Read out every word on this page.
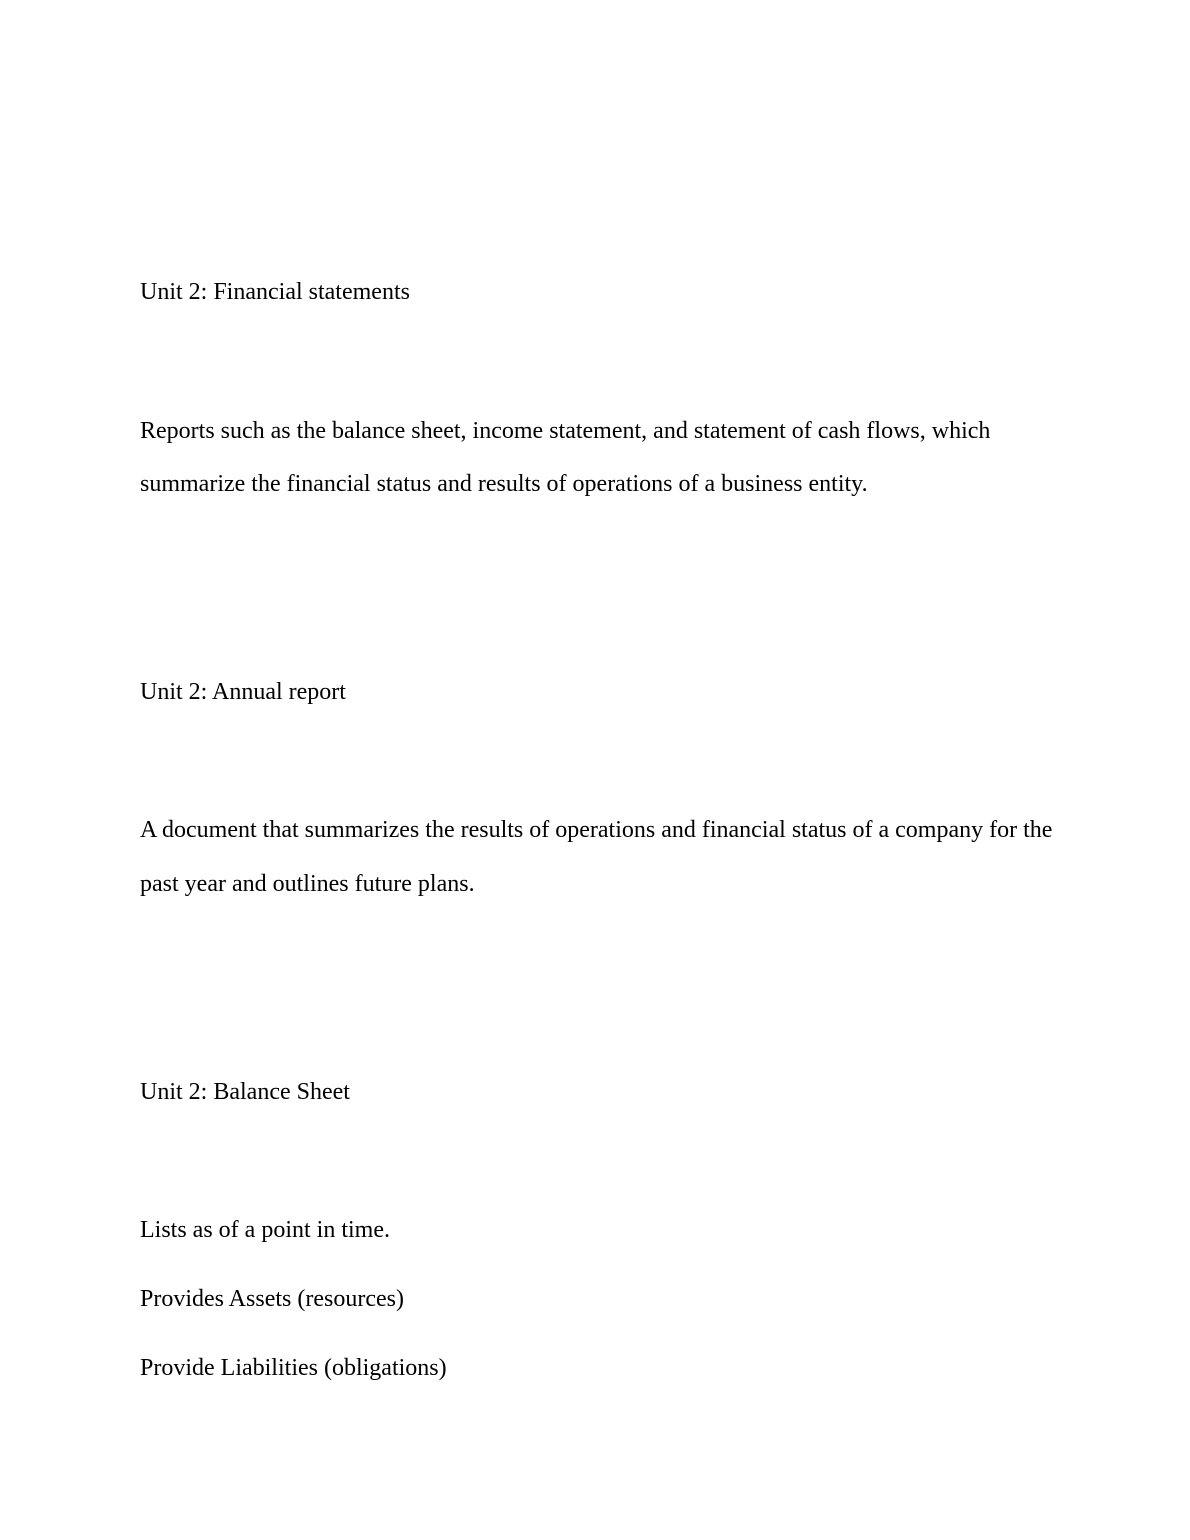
Unit 2: Financial statements

Reports such as the balance sheet, income statement, and statement of cash flows, which

summarize the financial status and results of operations of a business entity.

Unit 2: Annual report

A document that summarizes the results of operations and financial status of a company for the

past year and outlines future plans.

Unit 2: Balance Sheet

Lists as of a point in time.

Provides Assets (resources)

Provide Liabilities (obligations)
